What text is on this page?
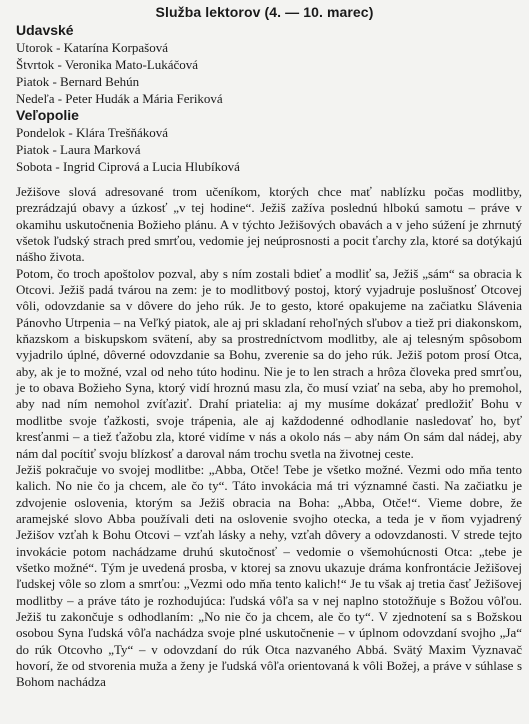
Služba lektorov (4. — 10. marec)
Udavské
Utorok - Katarína Korpašová
Štvrtok - Veronika Mato-Lukáčová
Piatok - Bernard Behún
Nedeľa - Peter Hudák a Mária Feriková
Veľopolie
Pondelok - Klára Trešňáková
Piatok - Laura Marková
Sobota - Ingrid Ciprová a Lucia Hlubíková

Ježišove slová adresované trom učeníkom, ktorých chce mať nablízku počas modlitby, prezrádzajú obavy a úzkosť „v tej hodine“. Ježiš zažíva poslednú hlbokú samotu – práve v okamihu uskutočnenia Božieho plánu. A v týchto Ježišových obavách a v jeho súžení je zhrnutý všetok ľudský strach pred smrťou, vedomie jej neúprosnosti a pocit ťarchy zla, ktoré sa dotýkajú nášho života.

Potom, čo troch apoštolov pozval, aby s ním zostali bdieť a modliť sa, Ježiš „sám“ sa obracia k Otcovi. Ježiš padá tvárou na zem: je to modlitbový postoj, ktorý vyjadruje poslušnosť Otcovej vôli, odovzdanie sa v dôvere do jeho rúk. Je to gesto, ktoré opakujeme na začiatku Slávenia Pánovho Utrpenia – na Veľký piatok, ale aj pri skladaní rehoľných sľubov a tiež pri diakonskom, kňazskom a biskupskom svätení, aby sa prostredníctvom modlitby, ale aj telesným spôsobom vyjadrilo úplné, dôverné odovzdanie sa Bohu, zverenie sa do jeho rúk. Ježiš potom prosí Otca, aby, ak je to možné, vzal od neho túto hodinu. Nie je to len strach a hrôza človeka pred smrťou, je to obava Božieho Syna, ktorý vidí hroznú masu zla, čo musí vziať na seba, aby ho premohol, aby nad ním nemohol zvíťaziť. Drahí priatelia: aj my musíme dokázať predložiť Bohu v modlitbe svoje ťažkosti, svoje trápenia, ale aj každodenné odhodlanie nasledovať ho, byť kresťanmi – a tiež ťažobu zla, ktoré vidíme v nás a okolo nás – aby nám On sám dal nádej, aby nám dal pocítiť svoju blízkosť a daroval nám trochu svetla na životnej ceste.

Ježiš pokračuje vo svojej modlitbe: „Abba, Otče! Tebe je všetko možné. Vezmi odo mňa tento kalich. No nie čo ja chcem, ale čo ty“. Táto invokácia má tri významné časti. Na začiatku je zdvojenie oslovenia, ktorým sa Ježiš obracia na Boha: „Abba, Otče!“. Vieme dobre, že aramejské slovo Abba používali deti na oslovenie svojho otecka, a teda je v ňom vyjadrený Ježišov vzťah k Bohu Otcovi – vzťah lásky a nehy, vzťah dôvery a odovzdanosti. V strede tejto invokácie potom nachádzame druhú skutočnosť – vedomie o všemohúcnosti Otca: „tebe je všetko možné“. Tým je uvedená prosba, v ktorej sa znovu ukazuje dráma konfrontácie Ježišovej ľudskej vôle so zlom a smrťou: „Vezmi odo mňa tento kalich!“ Je tu však aj tretia časť Ježišovej modlitby – a práve táto je rozhodujúca: ľudská vôľa sa v nej naplno stotožňuje s Božou vôľou. Ježiš tu zakončuje s odhodlaním: „No nie čo ja chcem, ale čo ty“. V zjednotení sa s Božskou osobou Syna ľudská vôľa nachádza svoje plné uskutočnenie – v úplnom odovzdaní svojho „Ja“ do rúk Otcovho „Ty“ – v odovzdaní do rúk Otca nazvaného Abbá. Svätý Maxim Vyznavač hovorí, že od stvorenia muža a ženy je ľudská vôľa orientovaná k vôli Božej, a práve v súhlase s Bohom nachádza
